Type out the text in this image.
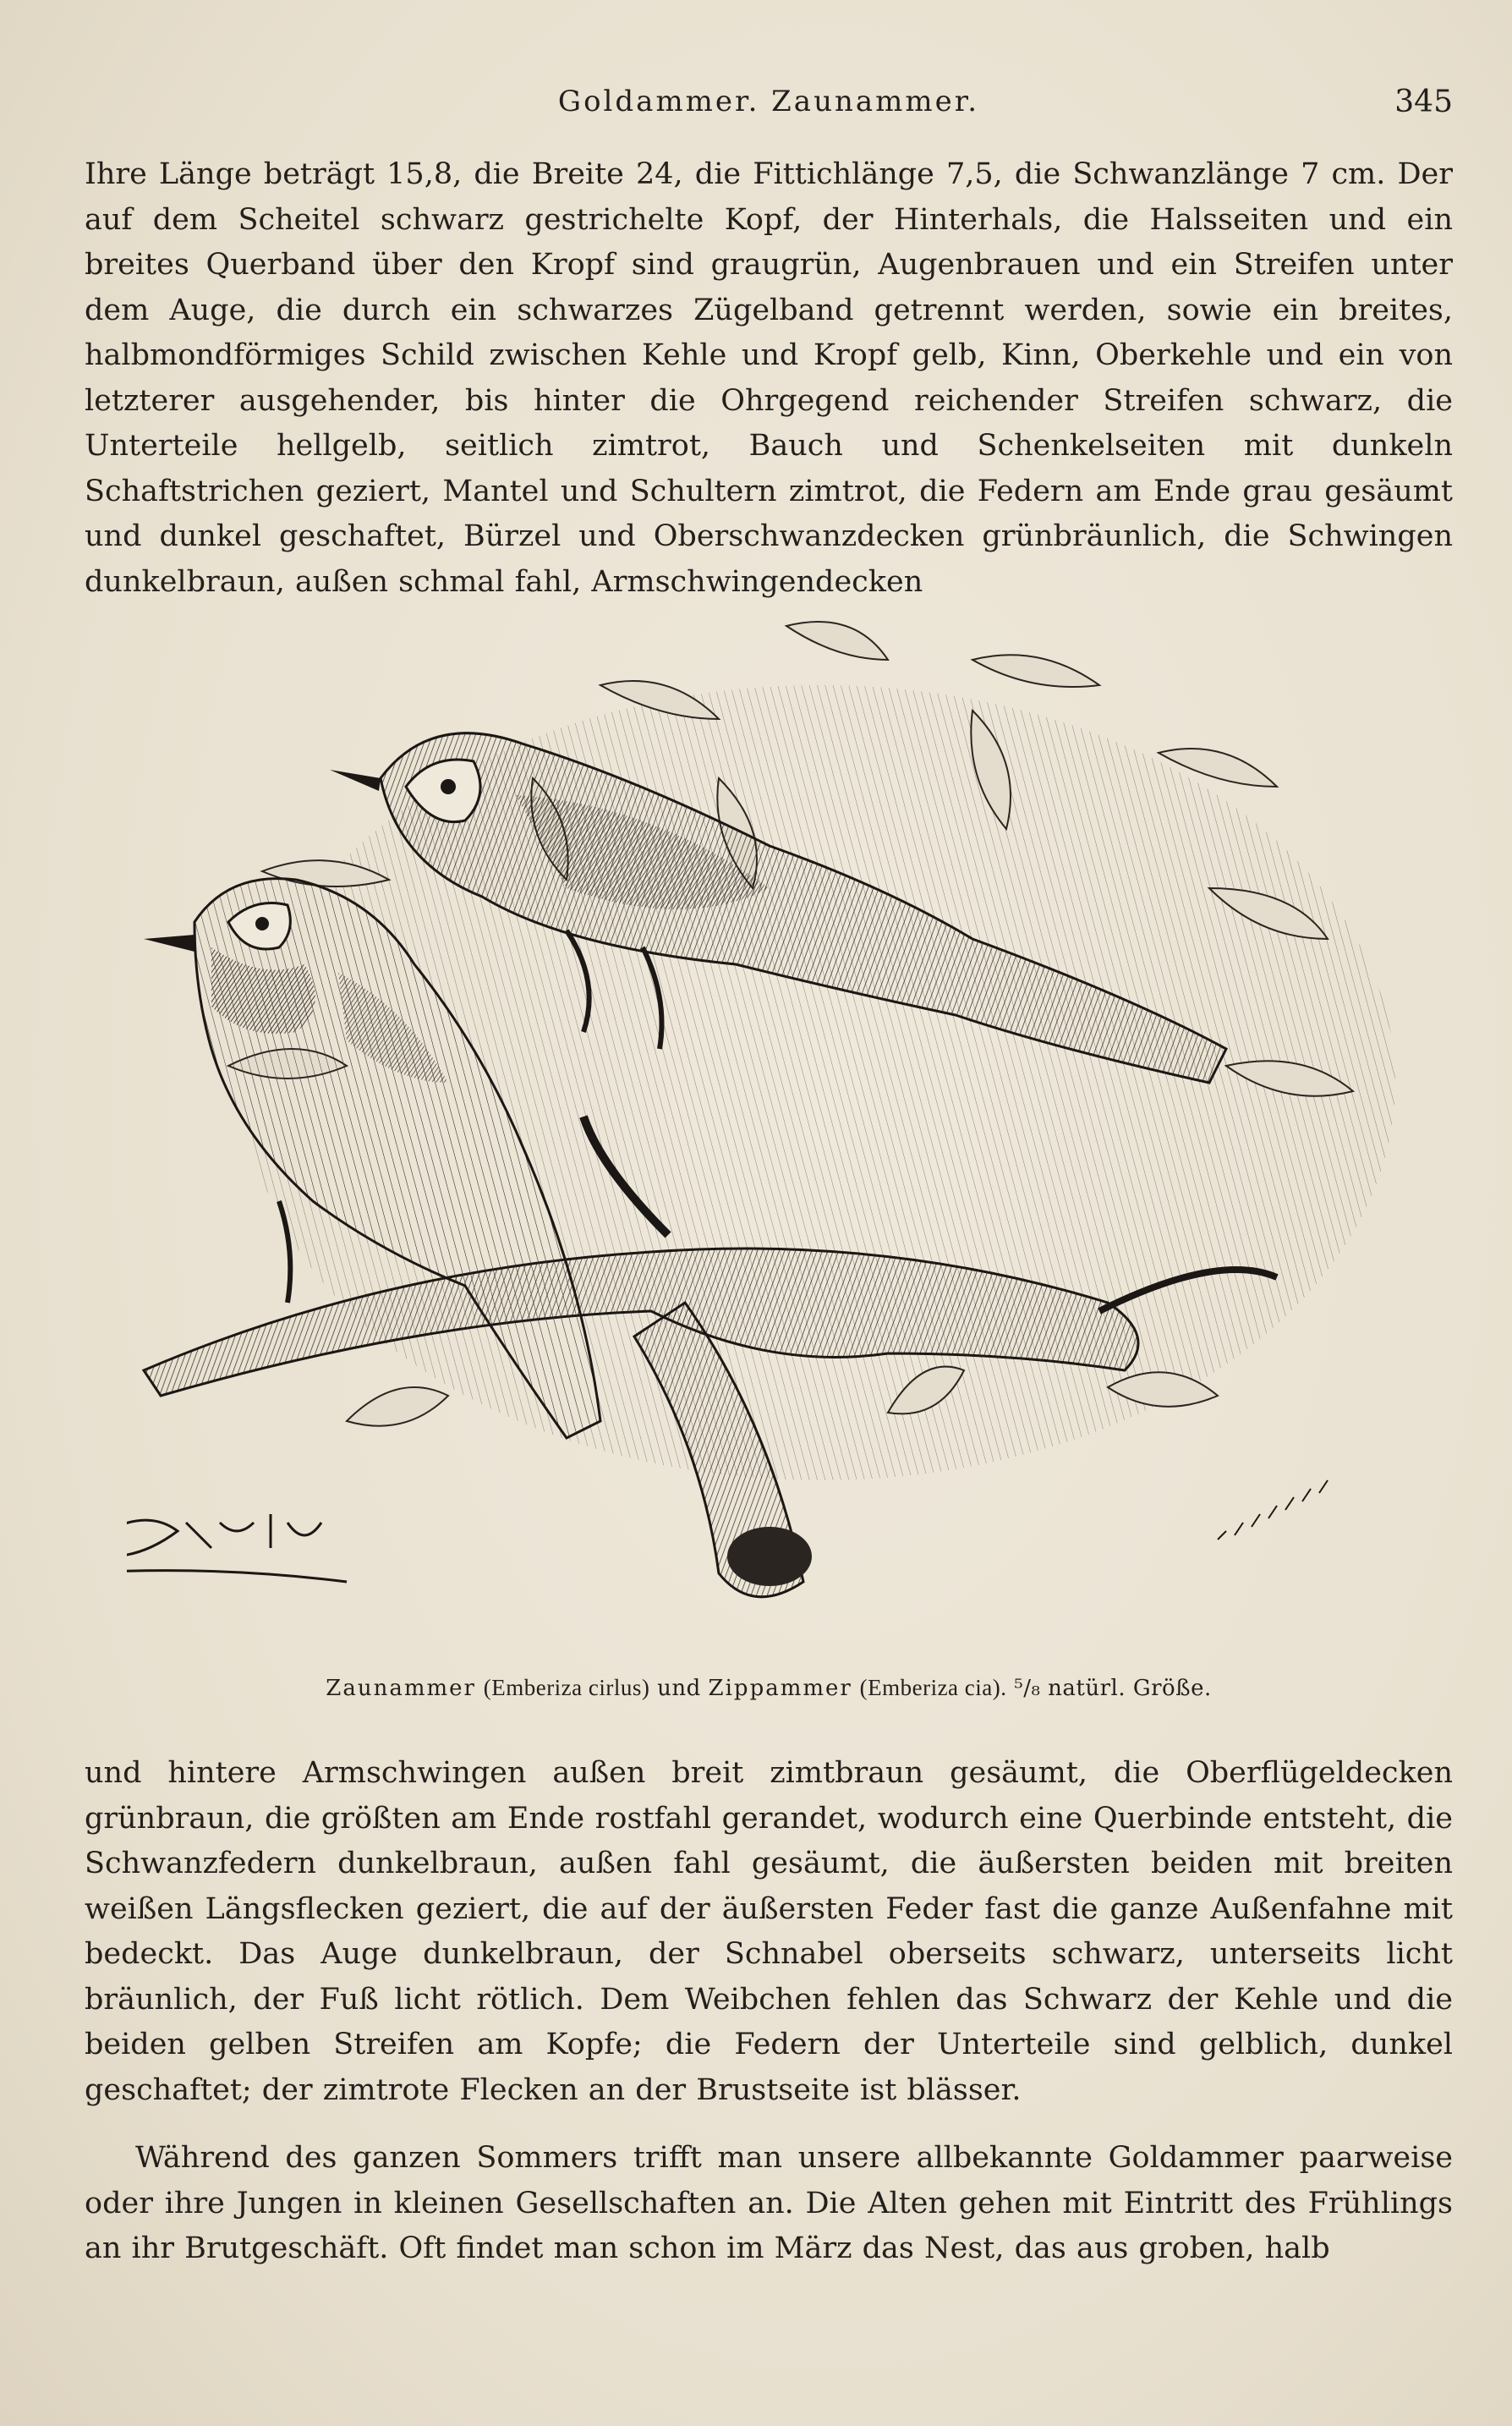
Goldammer. Zaunammer.	345
Ihre Länge beträgt 15,8, die Breite 24, die Fittichlänge 7,5, die Schwanzlänge 7 cm. Der auf dem Scheitel schwarz gestrichelte Kopf, der Hinterhals, die Halsseiten und ein breites Querband über den Kropf sind graugrün, Augenbrauen und ein Streifen unter dem Auge, die durch ein schwarzes Zügelband getrennt werden, sowie ein breites, halbmondförmiges Schild zwischen Kehle und Kropf gelb, Kinn, Oberkehle und ein von letzterer ausgehender, bis hinter die Ohrgegend reichender Streifen schwarz, die Unterteile hellgelb, seitlich zimtrot, Bauch und Schenkelseiten mit dunkeln Schaftstrichen geziert, Mantel und Schultern zimtrot, die Federn am Ende grau gesäumt und dunkel geschaftet, Bürzel und Oberschwanzdecken grünbräunlich, die Schwingen dunkelbraun, außen schmal fahl, Armschwingendecken
Zaunammer (Emberiza cirlus) und Zippammer (Emberiza cia). ⁵/₈ natürl. Größe.
und hintere Armschwingen außen breit zimtbraun gesäumt, die Oberflügeldecken grünbraun, die größten am Ende rostfahl gerandet, wodurch eine Querbinde entsteht, die Schwanzfedern dunkelbraun, außen fahl gesäumt, die äußersten beiden mit breiten weißen Längsflecken geziert, die auf der äußersten Feder fast die ganze Außenfahne mit bedeckt. Das Auge dunkelbraun, der Schnabel oberseits schwarz, unterseits licht bräunlich, der Fuß licht rötlich. Dem Weibchen fehlen das Schwarz der Kehle und die beiden gelben Streifen am Kopfe; die Federn der Unterteile sind gelblich, dunkel geschaftet; der zimtrote Flecken an der Brustseite ist blässer.
Während des ganzen Sommers trifft man unsere allbekannte Goldammer paarweise oder ihre Jungen in kleinen Gesellschaften an. Die Alten gehen mit Eintritt des Frühlings an ihr Brutgeschäft. Oft findet man schon im März das Nest, das aus groben, halb
